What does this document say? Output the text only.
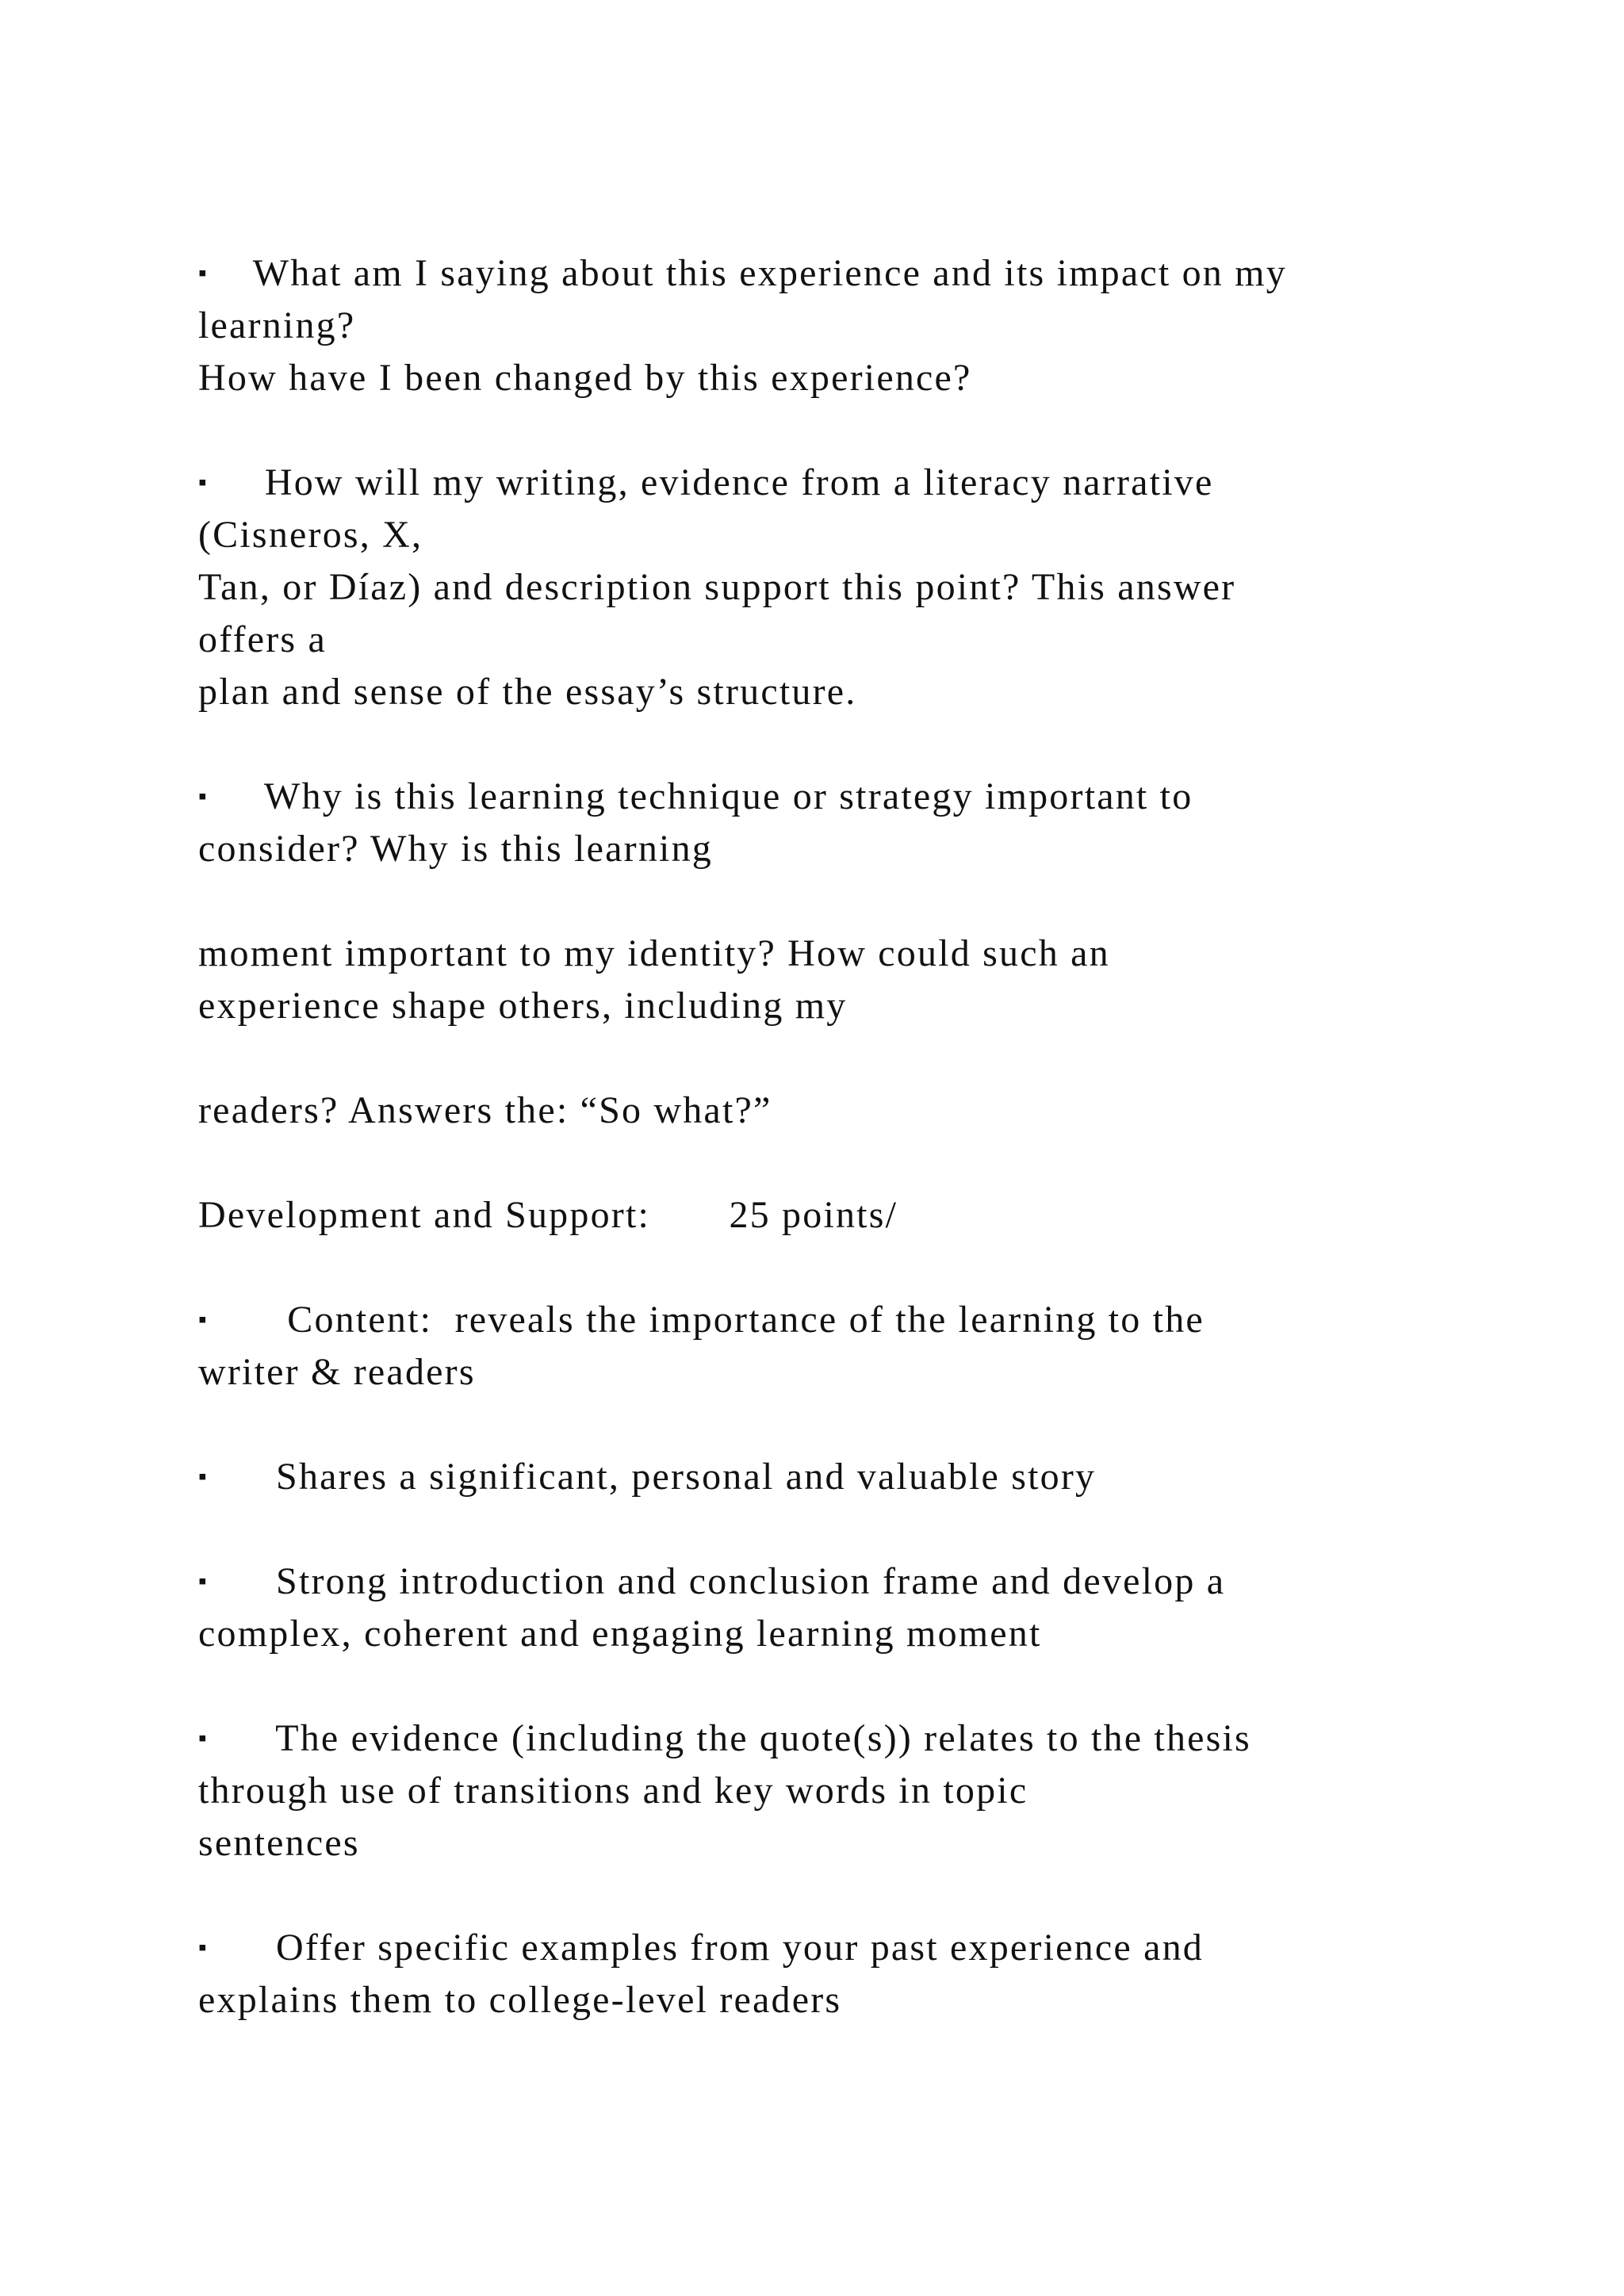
▪ What am I saying about this experience and its impact on my
learning?
How have I been changed by this experience?
▪ How will my writing, evidence from a literacy narrative
(Cisneros, X,
Tan, or Díaz) and description support this point? This answer
offers a
plan and sense of the essay’s structure.
▪ Why is this learning technique or strategy important to
consider? Why is this learning
moment important to my identity? How could such an
experience shape others, including my
readers? Answers the: “So what?”
Development and Support:       25 points/
▪ Content:  reveals the importance of the learning to the
writer & readers
▪ Shares a significant, personal and valuable story
▪ Strong introduction and conclusion frame and develop a
complex, coherent and engaging learning moment
▪ The evidence (including the quote(s)) relates to the thesis
through use of transitions and key words in topic
sentences
▪ Offer specific examples from your past experience and
explains them to college-level readers
